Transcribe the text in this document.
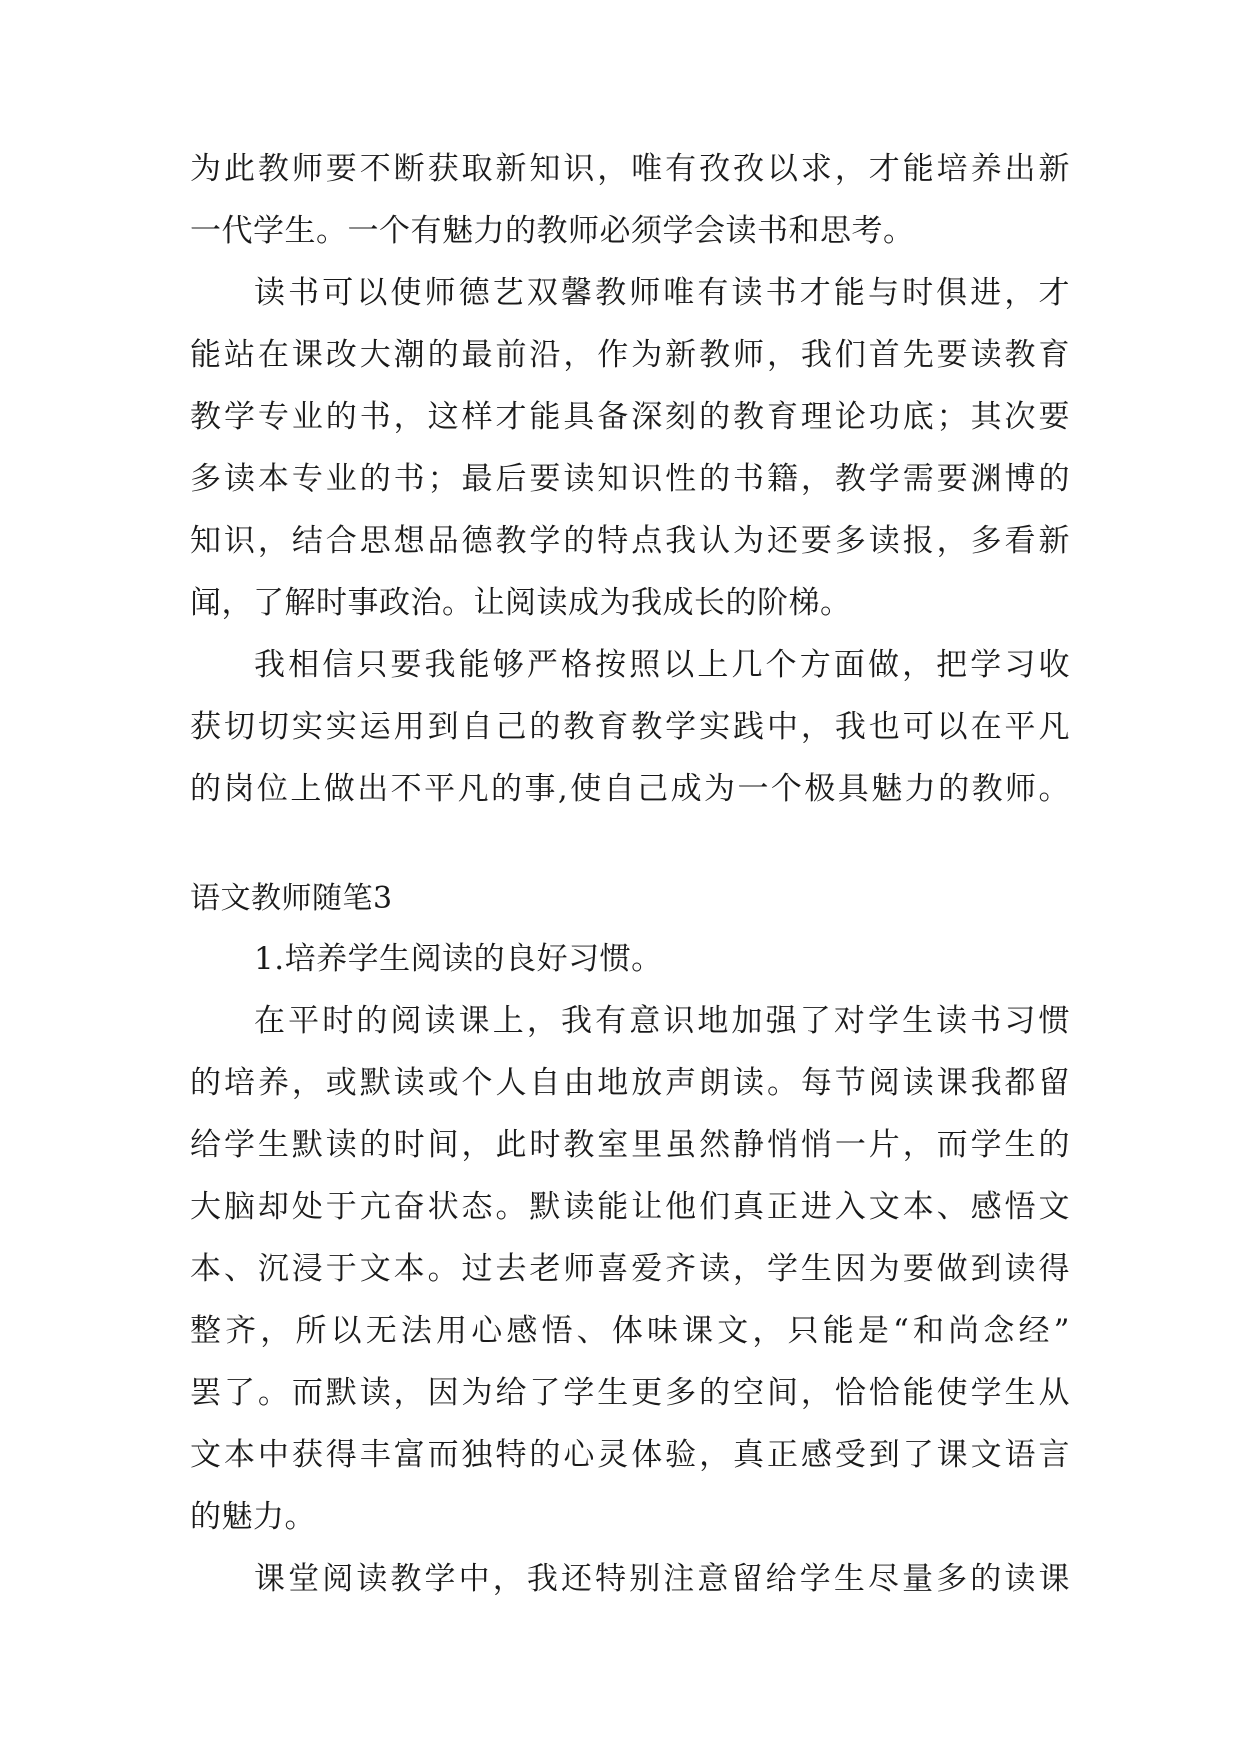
为此教师要不断获取新知识，唯有孜孜以求，才能培养出新
一代学生。一个有魅力的教师必须学会读书和思考。
读书可以使师德艺双馨教师唯有读书才能与时俱进，才
能站在课改大潮的最前沿，作为新教师，我们首先要读教育
教学专业的书，这样才能具备深刻的教育理论功底；其次要
多读本专业的书；最后要读知识性的书籍，教学需要渊博的
知识，结合思想品德教学的特点我认为还要多读报，多看新
闻，了解时事政治。让阅读成为我成长的阶梯。
我相信只要我能够严格按照以上几个方面做，把学习收
获切切实实运用到自己的教育教学实践中，我也可以在平凡
的岗位上做出不平凡的事,使自己成为一个极具魅力的教师。
语文教师随笔3
1.培养学生阅读的良好习惯。
在平时的阅读课上，我有意识地加强了对学生读书习惯
的培养，或默读或个人自由地放声朗读。每节阅读课我都留
给学生默读的时间，此时教室里虽然静悄悄一片，而学生的
大脑却处于亢奋状态。默读能让他们真正进入文本、感悟文
本、沉浸于文本。过去老师喜爱齐读，学生因为要做到读得
整齐，所以无法用心感悟、体味课文，只能是“和尚念经”
罢了。而默读，因为给了学生更多的空间，恰恰能使学生从
文本中获得丰富而独特的心灵体验，真正感受到了课文语言
的魅力。
课堂阅读教学中，我还特别注意留给学生尽量多的读课
